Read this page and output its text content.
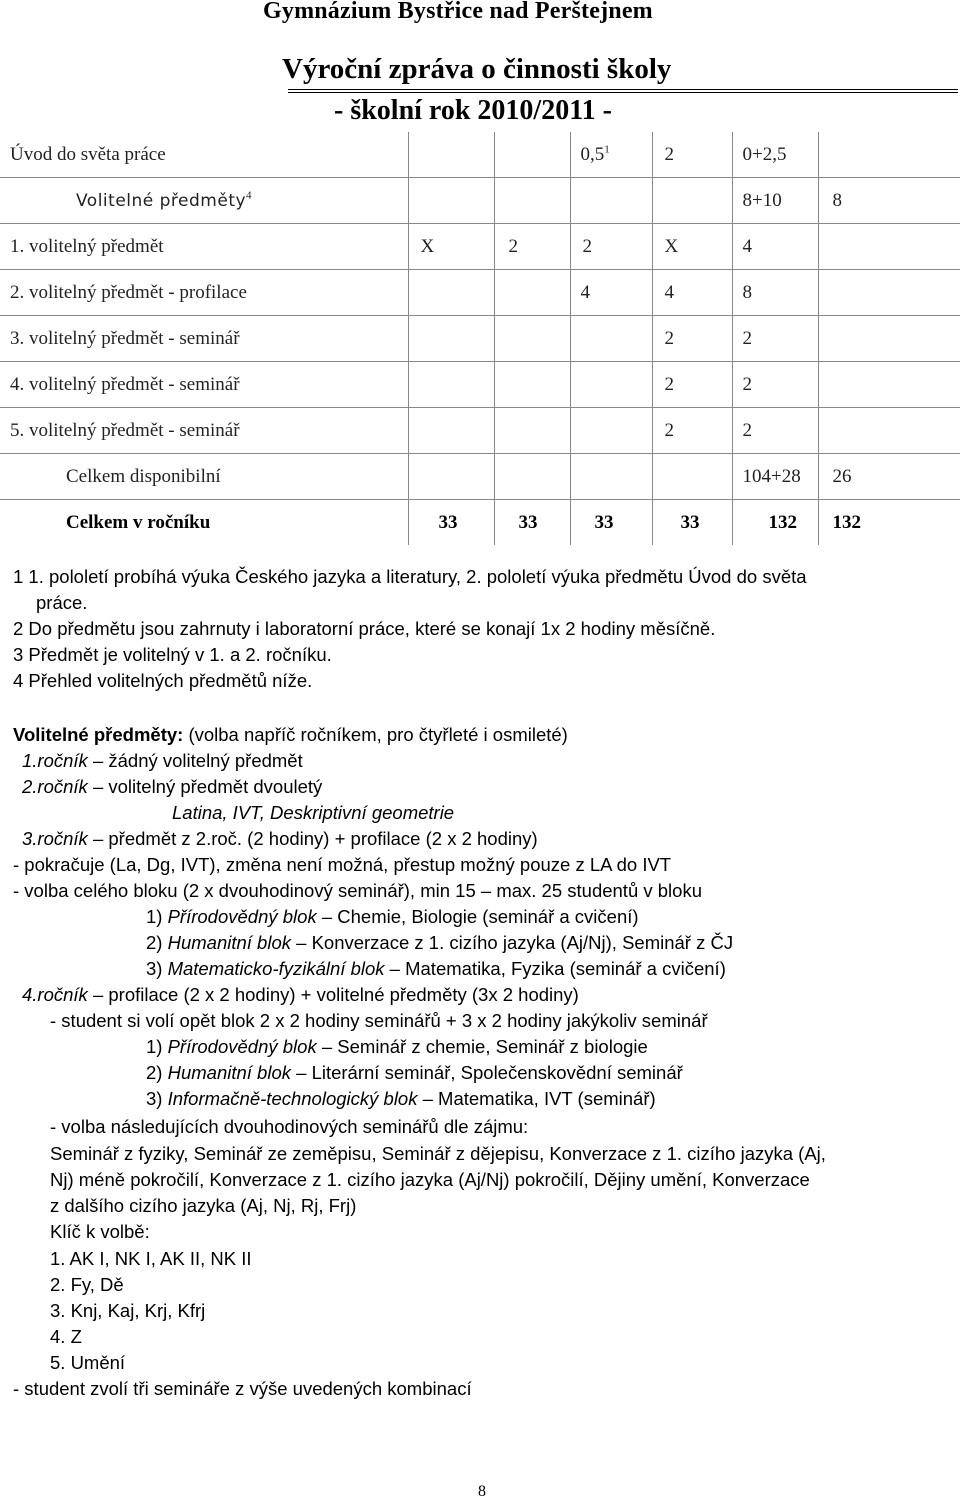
Gymnázium Bystřice nad Perštejnem
Výroční zpráva o činnosti školy
- školní rok 2010/2011 -
Úvod do světa práce			$0,5^1$	2	0+2,5	
Volitelné předměty$^4$					8+10	8
1. volitelný předmět	X	2	2	X	4	
2. volitelný předmět - profilace			4	4	8	
3. volitelný předmět - seminář				2	2	
4. volitelný předmět - seminář				2	2	
5. volitelný předmět - seminář				2	2	
Celkem disponibilní					104+28	26
Celkem v ročníku	33	33	33	33	132	132
1 1. pololetí probíhá výuka Českého jazyka a literatury, 2. pololetí výuka předmětu Úvod do světa
práce.
2 Do předmětu jsou zahrnuty i laboratorní práce, které se konají 1x 2 hodiny měsíčně.
3 Předmět je volitelný v 1. a 2. ročníku.
4 Přehled volitelných předmětů níže.
Volitelné předměty: (volba napříč ročníkem, pro čtyřleté i osmileté)
1.ročník – žádný volitelný předmět
2.ročník – volitelný předmět dvouletý
Latina, IVT, Deskriptivní geometrie
3.ročník – předmět z 2.roč. (2 hodiny) + profilace (2 x 2 hodiny)
- pokračuje (La, Dg, IVT), změna není možná, přestup možný pouze z LA do IVT
- volba celého bloku (2 x dvouhodinový seminář), min 15 – max. 25 studentů v bloku
1) Přírodovědný blok – Chemie, Biologie (seminář a cvičení)
2) Humanitní blok – Konverzace z 1. cizího jazyka (Aj/Nj), Seminář z ČJ
3) Matematicko-fyzikální blok – Matematika, Fyzika (seminář a cvičení)
4.ročník – profilace (2 x 2 hodiny) + volitelné předměty (3x 2 hodiny)
- student si volí opět blok 2 x 2 hodiny seminářů + 3 x 2 hodiny jakýkoliv seminář
1) Přírodovědný blok – Seminář z chemie, Seminář z biologie
2) Humanitní blok – Literární seminář, Společenskovědní seminář
3) Informačně-technologický blok – Matematika, IVT (seminář)
- volba následujících dvouhodinových seminářů dle zájmu:
Seminář z fyziky, Seminář ze zeměpisu, Seminář z dějepisu, Konverzace z 1. cizího jazyka (Aj,
Nj) méně pokročilí, Konverzace z 1. cizího jazyka (Aj/Nj) pokročilí, Dějiny umění, Konverzace
z dalšího cizího jazyka (Aj, Nj, Rj, Frj)
Klíč k volbě:
1. AK I, NK I, AK II, NK II
2. Fy, Dě
3. Knj, Kaj, Krj, Kfrj
4. Z
5. Umění
- student zvolí tři semináře z výše uvedených kombinací
8
